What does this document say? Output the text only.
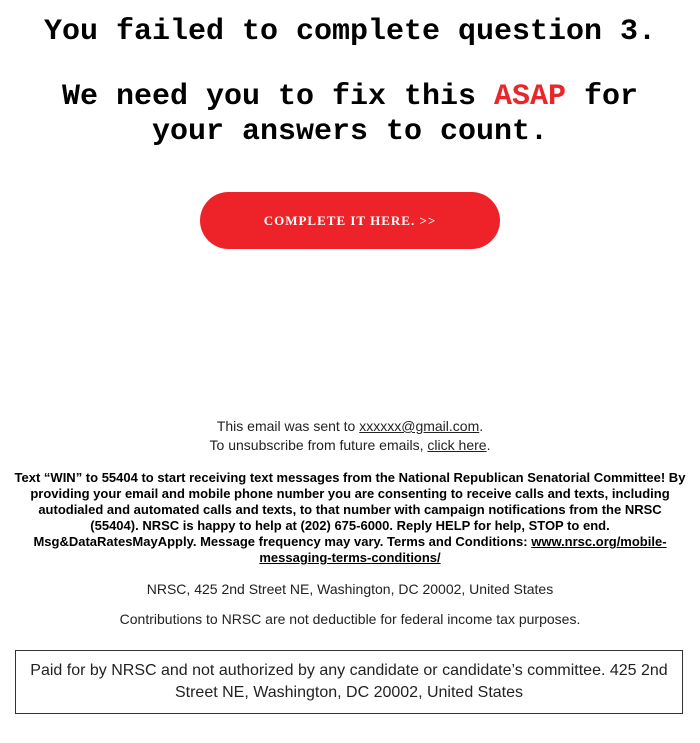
You failed to complete question 3.

We need you to fix this ASAP for your answers to count.

COMPLETE IT HERE. >>
This email was sent to xxxxxx@gmail.com.
To unsubscribe from future emails, click here.
Text “WIN” to 55404 to start receiving text messages from the National Republican Senatorial Committee! By providing your email and mobile phone number you are consenting to receive calls and texts, including autodialed and automated calls and texts, to that number with campaign notifications from the NRSC (55404). NRSC is happy to help at (202) 675-6000. Reply HELP for help, STOP to end. Msg&DataRatesMayApply. Message frequency may vary. Terms and Conditions: www.nrsc.org/mobile-messaging-terms-conditions/
NRSC, 425 2nd Street NE, Washington, DC 20002, United States
Contributions to NRSC are not deductible for federal income tax purposes.
Paid for by NRSC and not authorized by any candidate or candidate’s committee. 425 2nd Street NE, Washington, DC 20002, United States
